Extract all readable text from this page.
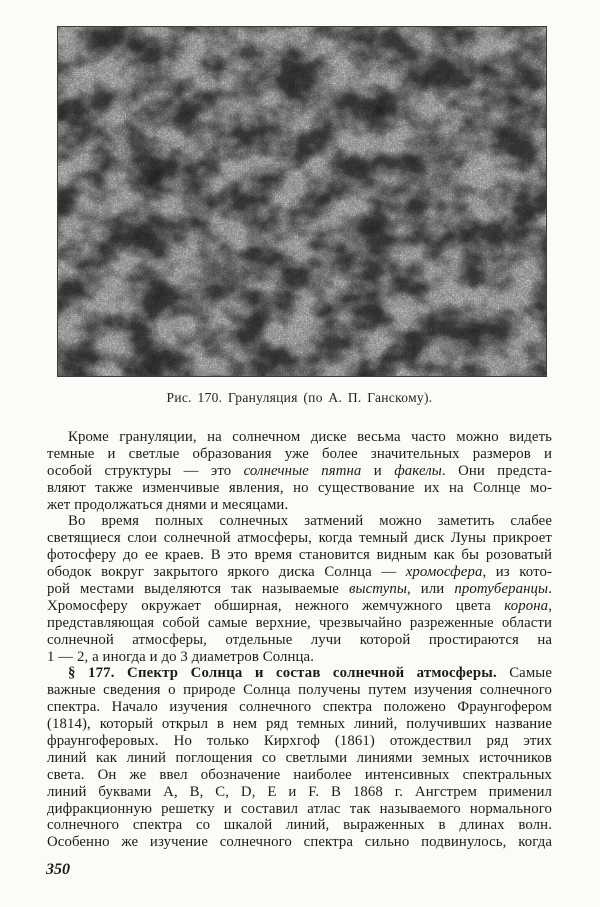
Рис. 170. Грануляция (по А. П. Ганскому).
Кроме грануляции, на солнечном диске весьма часто можно видеть
темные и светлые образования уже более значительных размеров и
особой структуры — это солнечные пятна и факелы. Они предста-
вляют также изменчивые явления, но существование их на Солнце мо-
жет продолжаться днями и месяцами.
Во время полных солнечных затмений можно заметить слабее
светящиеся слои солнечной атмосферы, когда темный диск Луны прикроет
фотосферу до ее краев. В это время становится видным как бы розоватый
ободок вокруг закрытого яркого диска Солнца — хромосфера, из кото-
рой местами выделяются так называемые выступы, или протуберанцы.
Хромосферу окружает обширная, нежного жемчужного цвета корона,
представляющая собой самые верхние, чрезвычайно разреженные области
солнечной атмосферы, отдельные лучи которой простираются на
1 — 2, а иногда и до 3 диаметров Солнца.
§ 177. Спектр Солнца и состав солнечной атмосферы. Самые
важные сведения о природе Солнца получены путем изучения солнечного
спектра. Начало изучения солнечного спектра положено Фраунгофером
(1814), который открыл в нем ряд темных линий, получивших название
фраунгоферовых. Но только Кирхгоф (1861) отождествил ряд этих
линий как линий поглощения со светлыми линиями земных источников
света. Он же ввел обозначение наиболее интенсивных спектральных
линий буквами A, B, C, D, E и F. В 1868 г. Ангстрем применил
дифракционную решетку и составил атлас так называемого нормального
солнечного спектра со шкалой линий, выраженных в длинах волн.
Особенно же изучение солнечного спектра сильно подвинулось, когда
350
